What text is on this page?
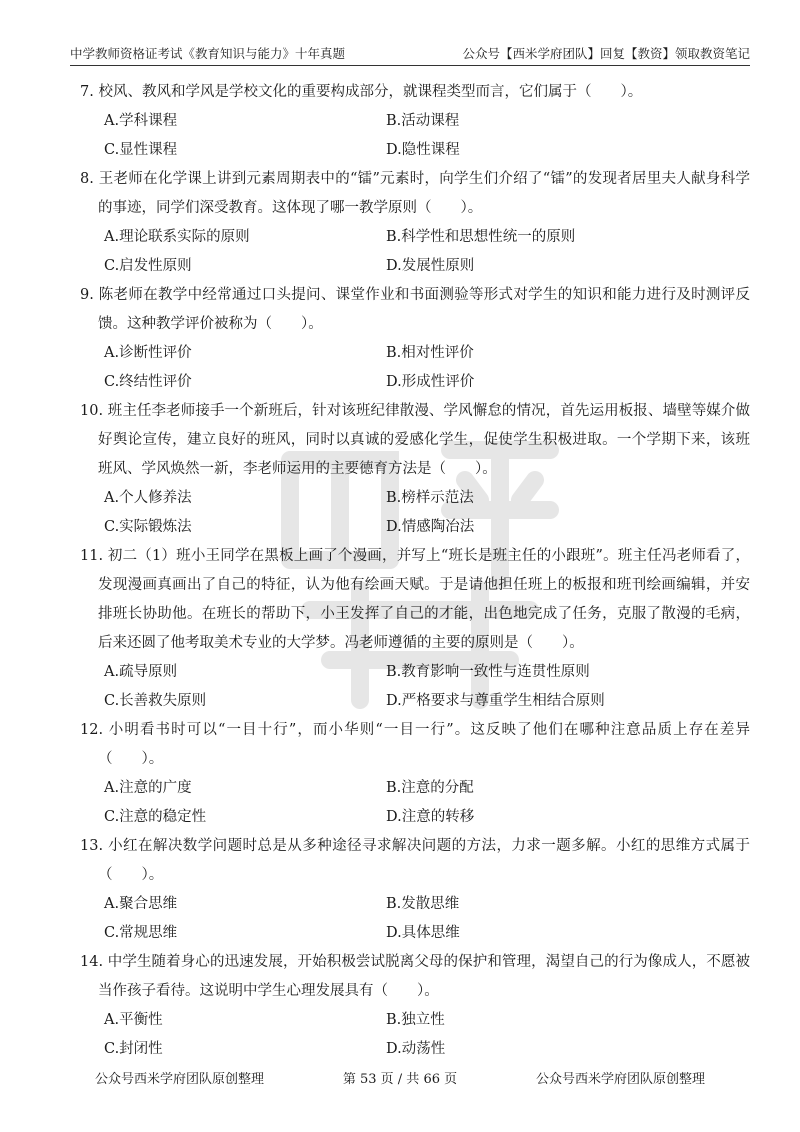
中学教师资格证考试《教育知识与能力》十年真题	公众号【西米学府团队】回复【教资】领取教资笔记

7. 校风、教风和学风是学校文化的重要构成部分，就课程类型而言，它们属于（　　）。

A.学科课程	B.活动课程
C.显性课程	D.隐性课程

8. 王老师在化学课上讲到元素周期表中的“镭”元素时，向学生们介绍了“镭”的发现者居里夫人献身科学的事迹，同学们深受教育。这体现了哪一教学原则（　　）。

A.理论联系实际的原则	B.科学性和思想性统一的原则
C.启发性原则	D.发展性原则

9. 陈老师在教学中经常通过口头提问、课堂作业和书面测验等形式对学生的知识和能力进行及时测评反馈。这种教学评价被称为（　　）。

A.诊断性评价	B.相对性评价
C.终结性评价	D.形成性评价

10. 班主任李老师接手一个新班后，针对该班纪律散漫、学风懈怠的情况，首先运用板报、墙壁等媒介做好舆论宣传，建立良好的班风，同时以真诚的爱感化学生，促使学生积极进取。一个学期下来，该班班风、学风焕然一新，李老师运用的主要德育方法是（　　）。

A.个人修养法	B.榜样示范法
C.实际锻炼法	D.情感陶冶法

11. 初二（1）班小王同学在黑板上画了个漫画，并写上“班长是班主任的小跟班”。班主任冯老师看了，发现漫画真画出了自己的特征，认为他有绘画天赋。于是请他担任班上的板报和班刊绘画编辑，并安排班长协助他。在班长的帮助下，小王发挥了自己的才能，出色地完成了任务，克服了散漫的毛病，后来还圆了他考取美术专业的大学梦。冯老师遵循的主要的原则是（　　）。

A.疏导原则	B.教育影响一致性与连贯性原则
C.长善救失原则	D.严格要求与尊重学生相结合原则

12. 小明看书时可以“一目十行”，而小华则“一目一行”。这反映了他们在哪种注意品质上存在差异（　　）。

A.注意的广度	B.注意的分配
C.注意的稳定性	D.注意的转移

13. 小红在解决数学问题时总是从多种途径寻求解决问题的方法，力求一题多解。小红的思维方式属于（　　）。

A.聚合思维	B.发散思维
C.常规思维	D.具体思维

14. 中学生随着身心的迅速发展，开始积极尝试脱离父母的保护和管理，渴望自己的行为像成人，不愿被当作孩子看待。这说明中学生心理发展具有（　　）。

A.平衡性	B.独立性
C.封闭性	D.动荡性
公众号西米学府团队原创整理	第 53 页 / 共 66 页	公众号西米学府团队原创整理
